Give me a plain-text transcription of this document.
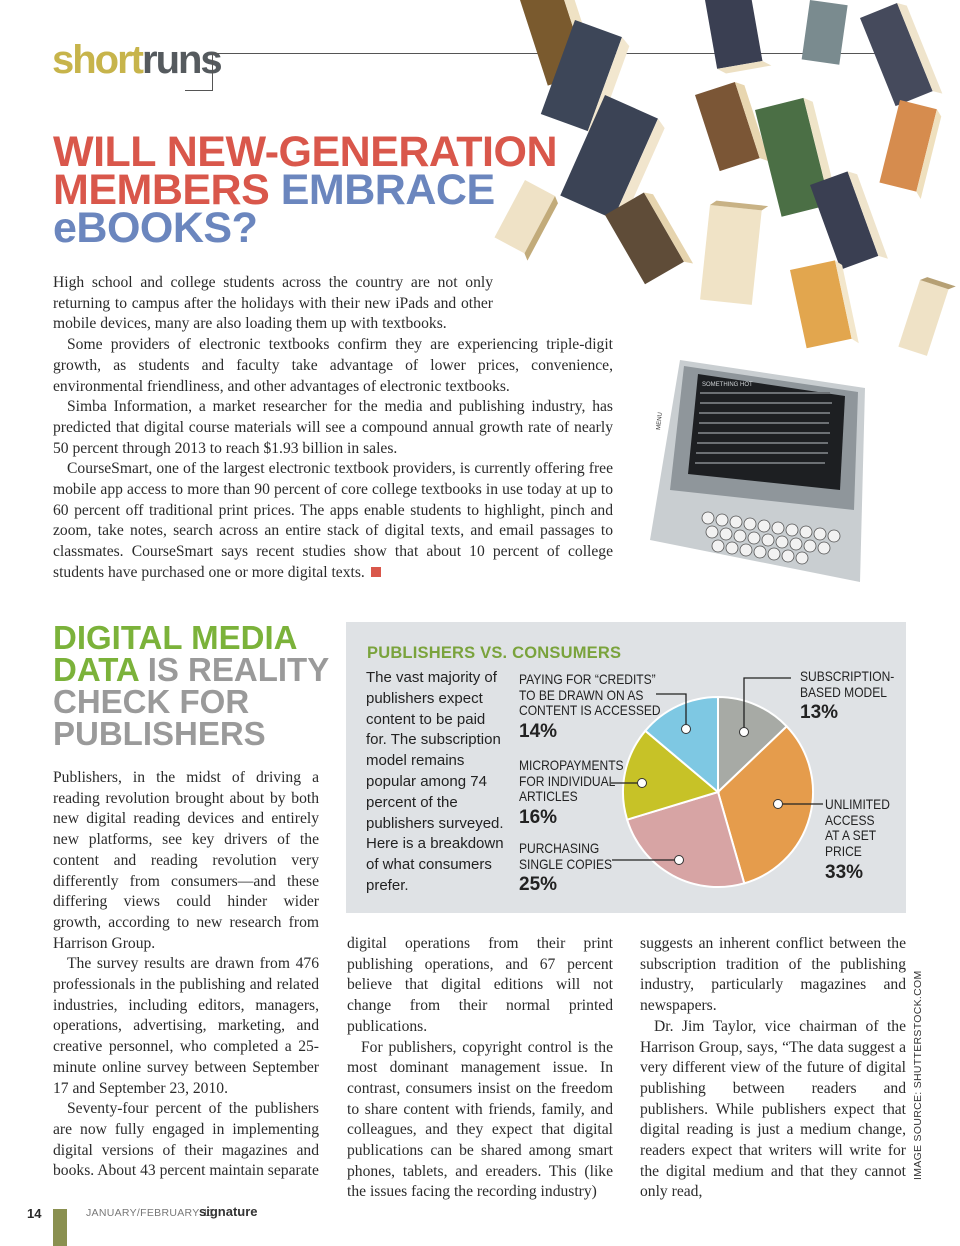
shortruns
SOMETHING HOT
MENU
WILL NEW-GENERATION
MEMBERS EMBRACE
eBOOKS?

High school and college students across the country are not only returning to campus after the holidays with their new iPads and other mobile devices, many are also loading them up with textbooks.

Some providers of electronic textbooks confirm they are experiencing triple-digit growth, as students and faculty take advantage of lower prices, convenience, environmental friendliness, and other advantages of electronic textbooks.

Simba Information, a market researcher for the media and publishing industry, has predicted that digital course materials will see a compound annual growth rate of nearly 50 percent through 2013 to reach $1.93 billion in sales.

CourseSmart, one of the largest electronic textbook providers, is currently offering free mobile app access to more than 90 percent of core college textbooks in use today at up to 60 percent off traditional print prices. The apps enable students to highlight, pinch and zoom, take notes, search across an entire stack of digital texts, and email passages to classmates. CourseSmart says recent studies show that about 10 percent of college students have purchased one or more digital texts.

DIGITAL MEDIA
DATA IS REALITY
CHECK FOR
PUBLISHERS
PUBLISHERS VS. CONSUMERS
The vast majority of publishers expect content to be paid for. The subscription model remains popular among 74 percent of the publishers surveyed. Here is a breakdown of what consumers prefer.
PAYING FOR “CREDITS”
TO BE DRAWN ON AS
CONTENT IS ACCESSED
14%
MICROPAYMENTS
FOR INDIVIDUAL
ARTICLES
16%
PURCHASING
SINGLE COPIES
25%
SUBSCRIPTION-
BASED MODEL
13%
UNLIMITED
ACCESS
AT A SET
PRICE
33%

Publishers, in the midst of driving a reading revolution brought about by both new digital reading devices and entirely new platforms, see key drivers of the content and reading revolution very differently from consumers—and these differing views could hinder wider growth, according to new research from Harrison Group.

The survey results are drawn from 476 professionals in the publishing and related industries, including editors, managers, operations, advertising, marketing, and creative personnel, who completed a 25-minute online survey between September 17 and September 23, 2010.

Seventy-four percent of the publishers are now fully engaged in implementing digital versions of their magazines and books. About 43 percent maintain separate

digital operations from their print publishing operations, and 67 percent believe that digital editions will not change from their normal printed publications.

For publishers, copyright control is the most dominant management issue. In contrast, consumers insist on the freedom to share content with friends, family, and colleagues, and they expect that digital publications can be shared among smart phones, tablets, and ereaders. This (like the issues facing the recording industry)

suggests an inherent conflict between the subscription tradition of the publishing industry, particularly magazines and newspapers.

Dr. Jim Taylor, vice chairman of the Harrison Group, says, “The data suggest a very different view of the future of digital publishing between readers and publishers. While publishers expect that digital reading is just a medium change, readers expect that writers will write for the digital medium and that they cannot only read,

IMAGE SOURCE: SHUTTERSTOCK.COM
14	JANUARY/FEBRUARY 11
signature
